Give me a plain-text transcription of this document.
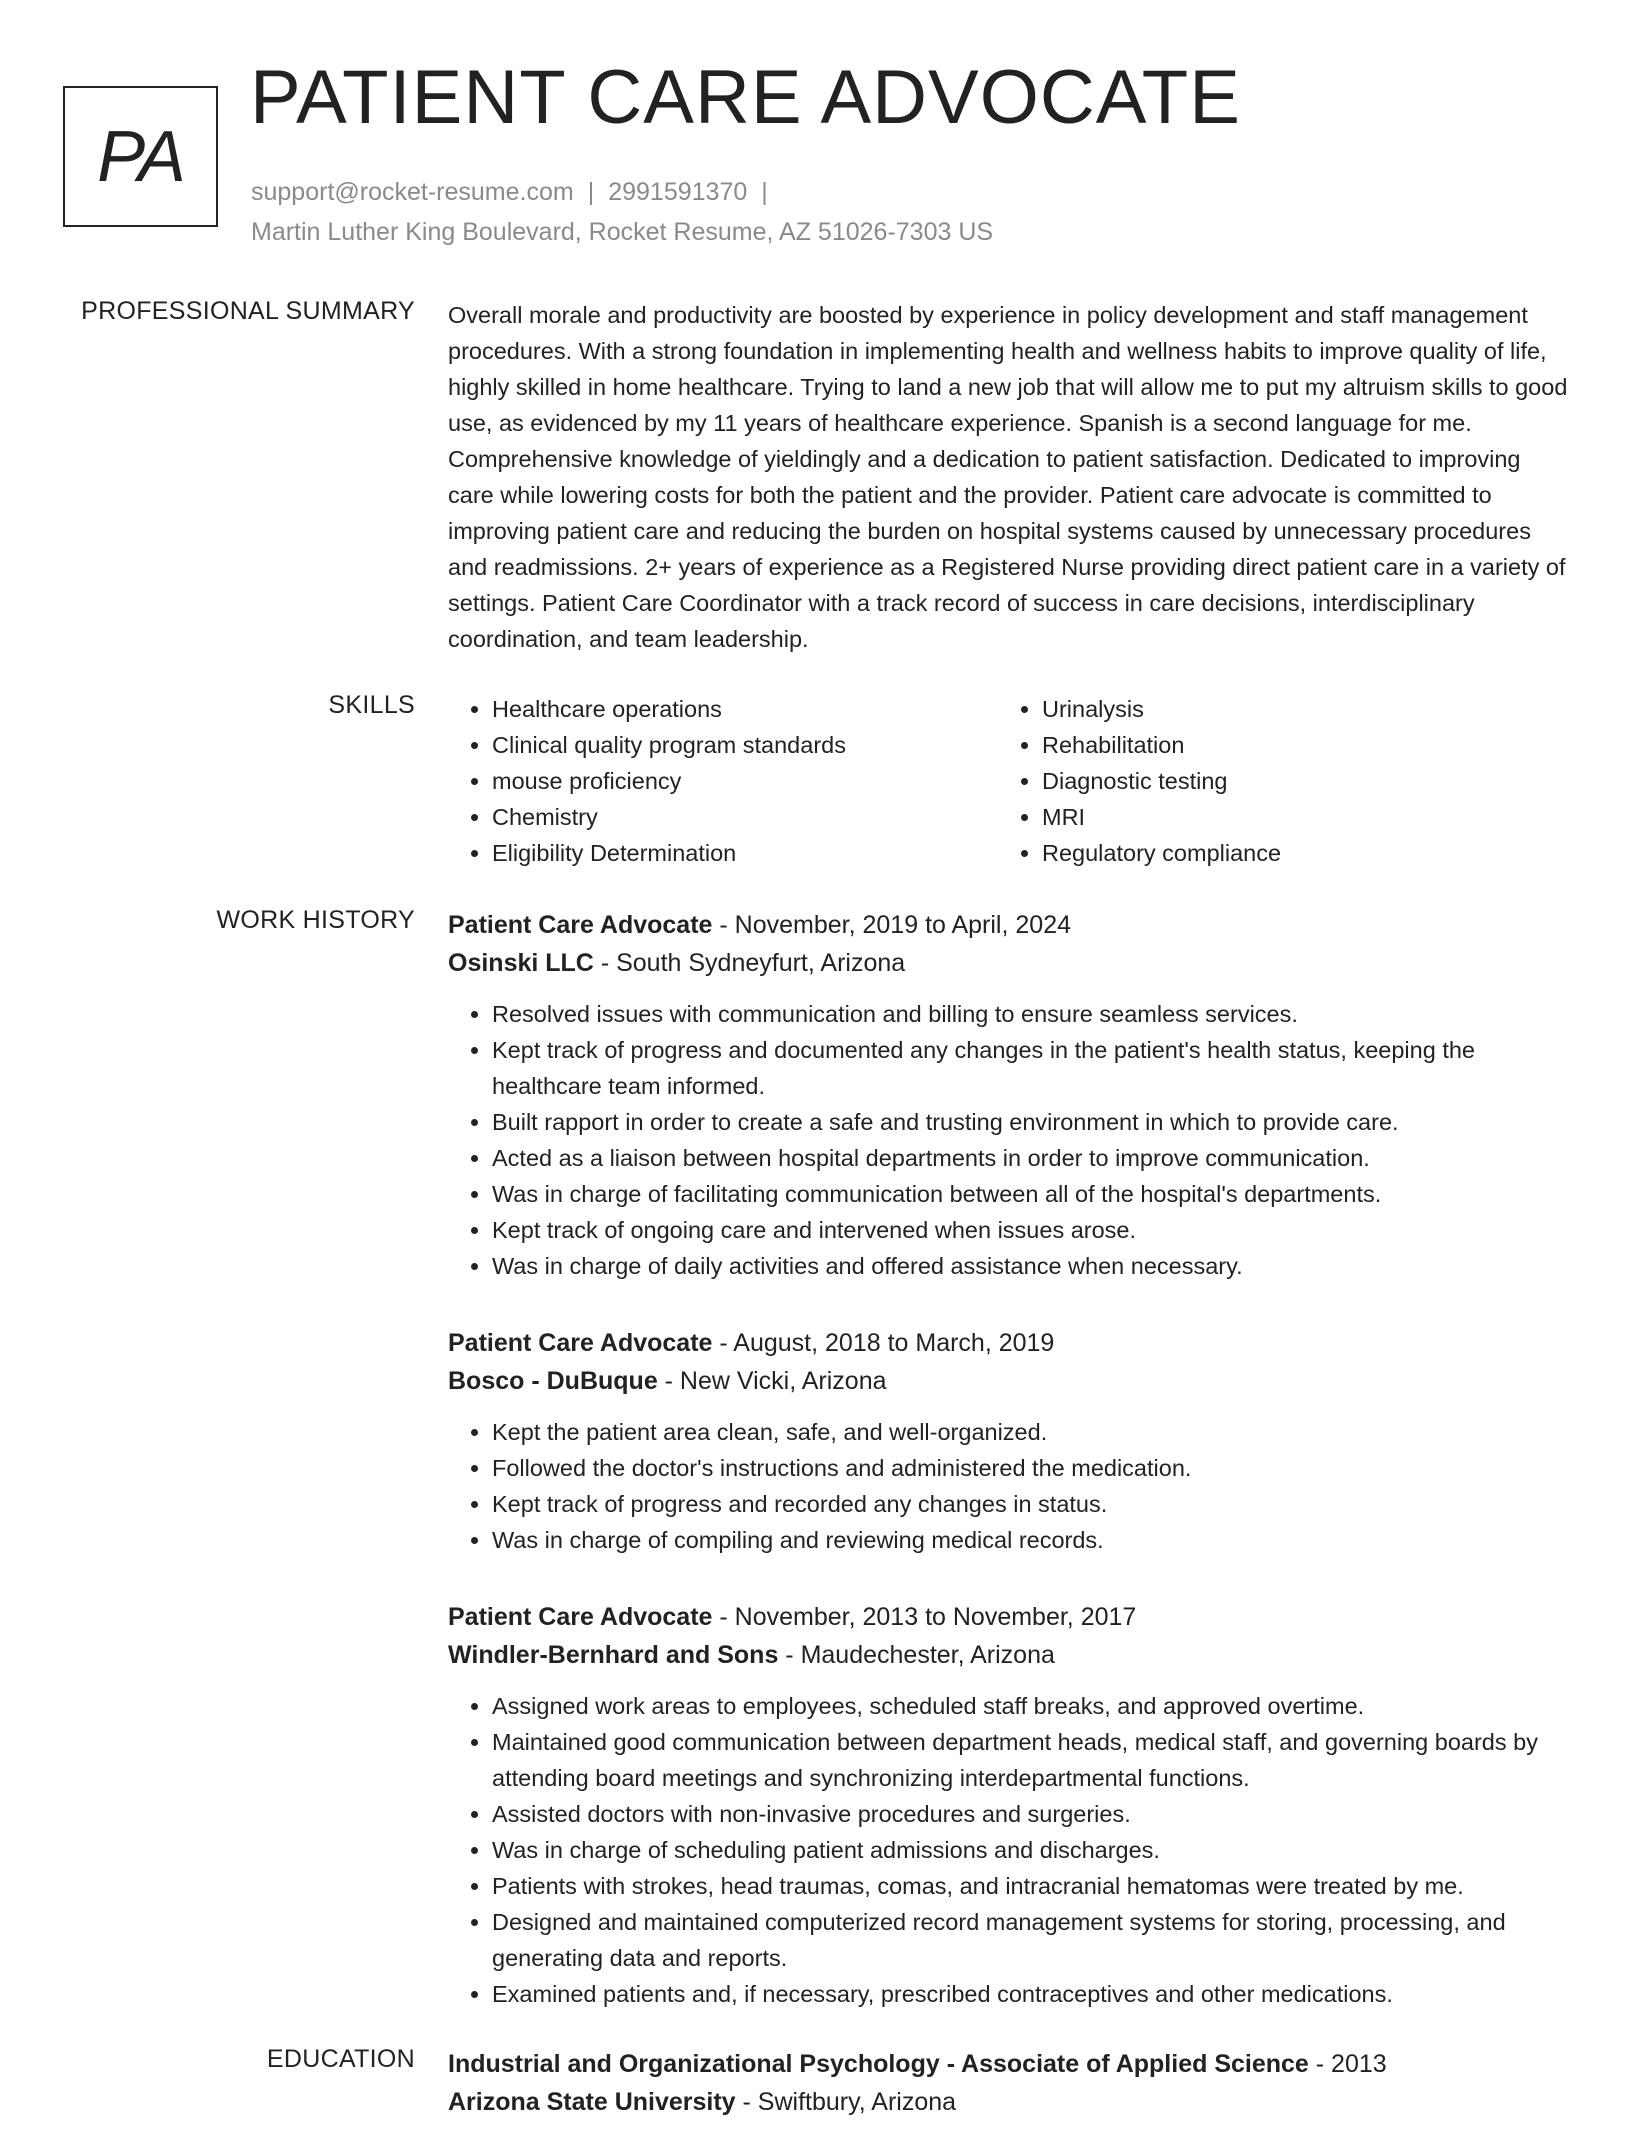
PA
PATIENT CARE ADVOCATE
support@rocket-resume.com | 2991591370 |
Martin Luther King Boulevard, Rocket Resume, AZ 51026-7303 US
PROFESSIONAL SUMMARY Overall morale and productivity are boosted by experience in policy development and staff management procedures. With a strong foundation in implementing health and wellness habits to improve quality of life, highly skilled in home healthcare. Trying to land a new job that will allow me to put my altruism skills to good use, as evidenced by my 11 years of healthcare experience. Spanish is a second language for me. Comprehensive knowledge of yieldingly and a dedication to patient satisfaction. Dedicated to improving care while lowering costs for both the patient and the provider. Patient care advocate is committed to improving patient care and reducing the burden on hospital systems caused by unnecessary procedures and readmissions. 2+ years of experience as a Registered Nurse providing direct patient care in a variety of settings. Patient Care Coordinator with a track record of success in care decisions, interdisciplinary coordination, and team leadership.

SKILLS
•	Healthcare operations
• Clinical quality program standards
• mouse proficiency
• Chemistry
• Eligibility Determination
• Urinalysis
• Rehabilitation
• Diagnostic testing
• MRI
• Regulatory compliance
WORK HISTORY Patient Care Advocate - November, 2019 to April, 2024
Osinski LLC - South Sydneyfurt, Arizona
• Resolved issues with communication and billing to ensure seamless services.
• Kept track of progress and documented any changes in the patient's health status, keeping the healthcare team informed.
• Built rapport in order to create a safe and trusting environment in which to provide care.
• Acted as a liaison between hospital departments in order to improve communication.
• Was in charge of facilitating communication between all of the hospital's departments.
• Kept track of ongoing care and intervened when issues arose.
• Was in charge of daily activities and offered assistance when necessary.
Patient Care Advocate - August, 2018 to March, 2019
Bosco - DuBuque - New Vicki, Arizona
• Kept the patient area clean, safe, and well-organized.
• Followed the doctor's instructions and administered the medication.
• Kept track of progress and recorded any changes in status.
• Was in charge of compiling and reviewing medical records.
Patient Care Advocate - November, 2013 to November, 2017
Windler-Bernhard and Sons - Maudechester, Arizona
• Assigned work areas to employees, scheduled staff breaks, and approved overtime.
• Maintained good communication between department heads, medical staff, and governing boards by attending board meetings and synchronizing interdepartmental functions.
• Assisted doctors with non-invasive procedures and surgeries.
• Was in charge of scheduling patient admissions and discharges.
• Patients with strokes, head traumas, comas, and intracranial hematomas were treated by me.
• Designed and maintained computerized record management systems for storing, processing, and generating data and reports.
• Examined patients and, if necessary, prescribed contraceptives and other medications.
EDUCATION Industrial and Organizational Psychology - Associate of Applied Science - 2013
Arizona State University - Swiftbury, Arizona
